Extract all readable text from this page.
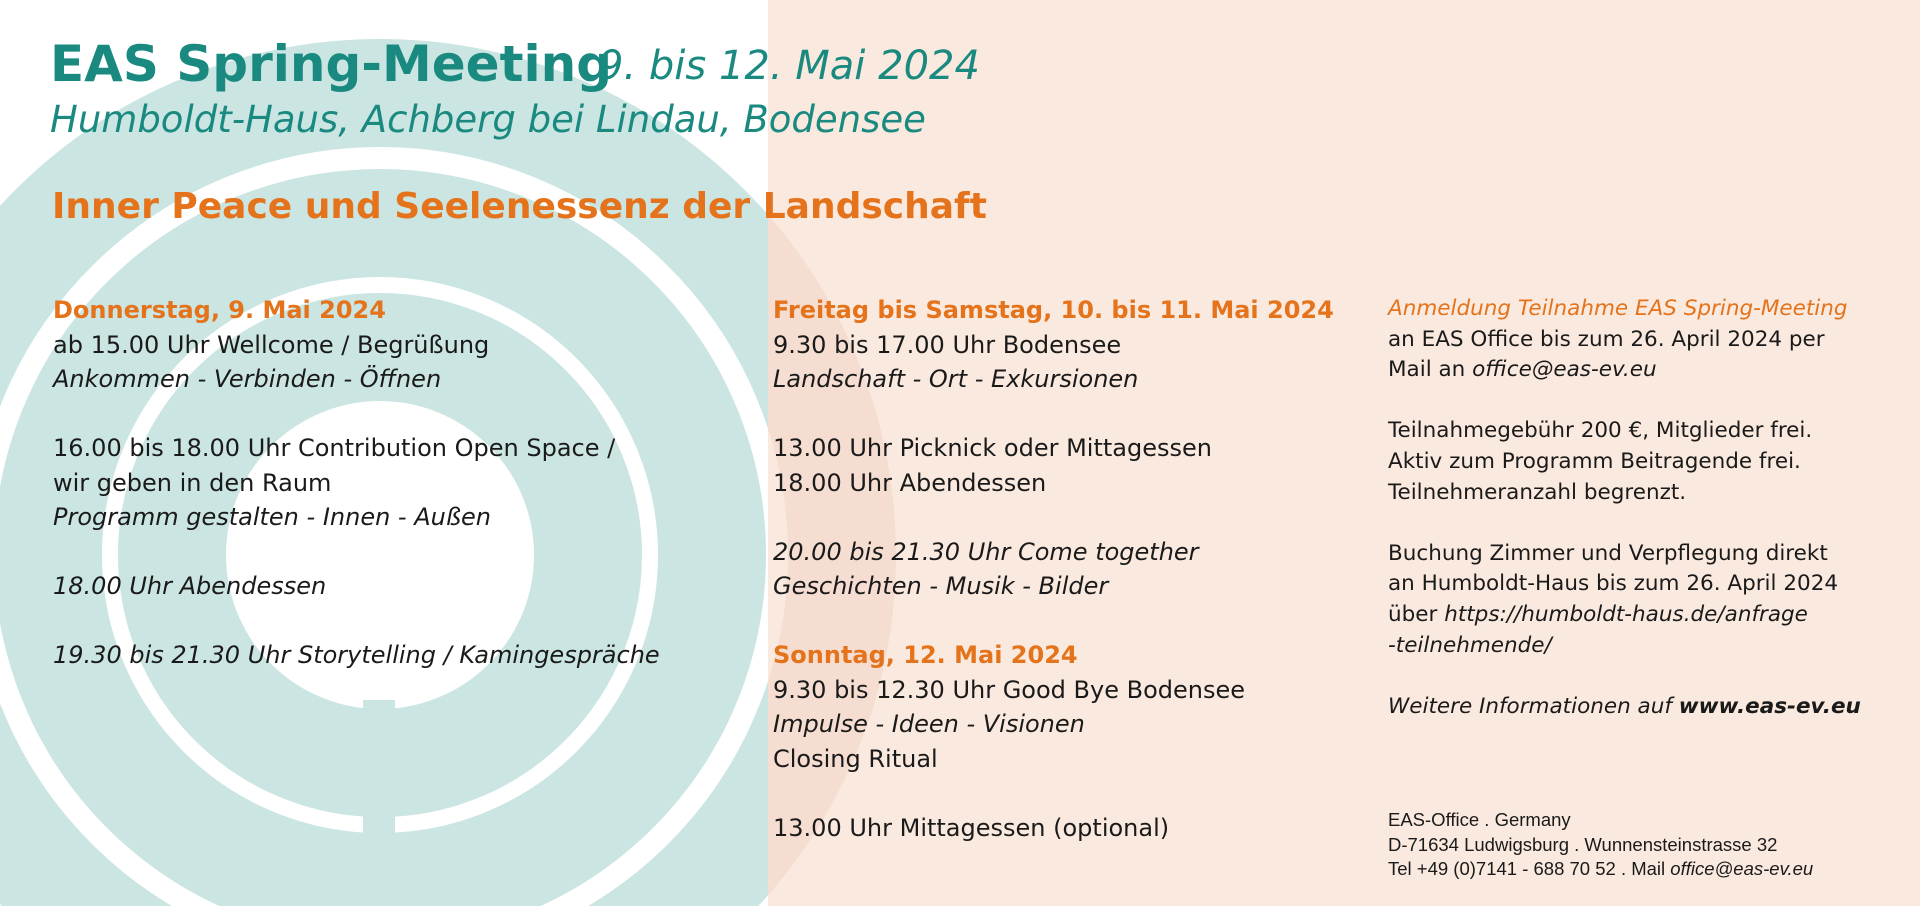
EAS Spring-Meeting
9. bis 12. Mai 2024
Humboldt-Haus, Achberg bei Lindau, Bodensee
Inner Peace und Seelenessenz der Landschaft
Donnerstag, 9. Mai 2024
ab 15.00 Uhr Wellcome / Begrüßung
Ankommen - Verbinden - Öffnen
16.00 bis 18.00 Uhr Contribution Open Space /
wir geben in den Raum
Programm gestalten - Innen - Außen
18.00 Uhr Abendessen
19.30 bis 21.30 Uhr Storytelling / Kamingespräche
Freitag bis Samstag, 10. bis 11. Mai 2024
9.30 bis 17.00 Uhr Bodensee
Landschaft - Ort - Exkursionen
13.00 Uhr Picknick oder Mittagessen
18.00 Uhr Abendessen
20.00 bis 21.30 Uhr Come together
Geschichten - Musik - Bilder
Sonntag, 12. Mai 2024
9.30 bis 12.30 Uhr Good Bye Bodensee
Impulse - Ideen - Visionen
Closing Ritual
13.00 Uhr Mittagessen (optional)
Anmeldung Teilnahme EAS Spring-Meeting
an EAS Office bis zum 26. April 2024 per
Mail an office@eas-ev.eu
Teilnahmegebühr 200 €, Mitglieder frei.
Aktiv zum Programm Beitragende frei.
Teilnehmeranzahl begrenzt.
Buchung Zimmer und Verpflegung direkt
an Humboldt-Haus bis zum 26. April 2024
über https://humboldt-haus.de/anfrage
-teilnehmende/
Weitere Informationen auf www.eas-ev.eu
EAS-Office . Germany
D-71634 Ludwigsburg . Wunnensteinstrasse 32
Tel +49 (0)7141 - 688 70 52 . Mail office@eas-ev.eu
